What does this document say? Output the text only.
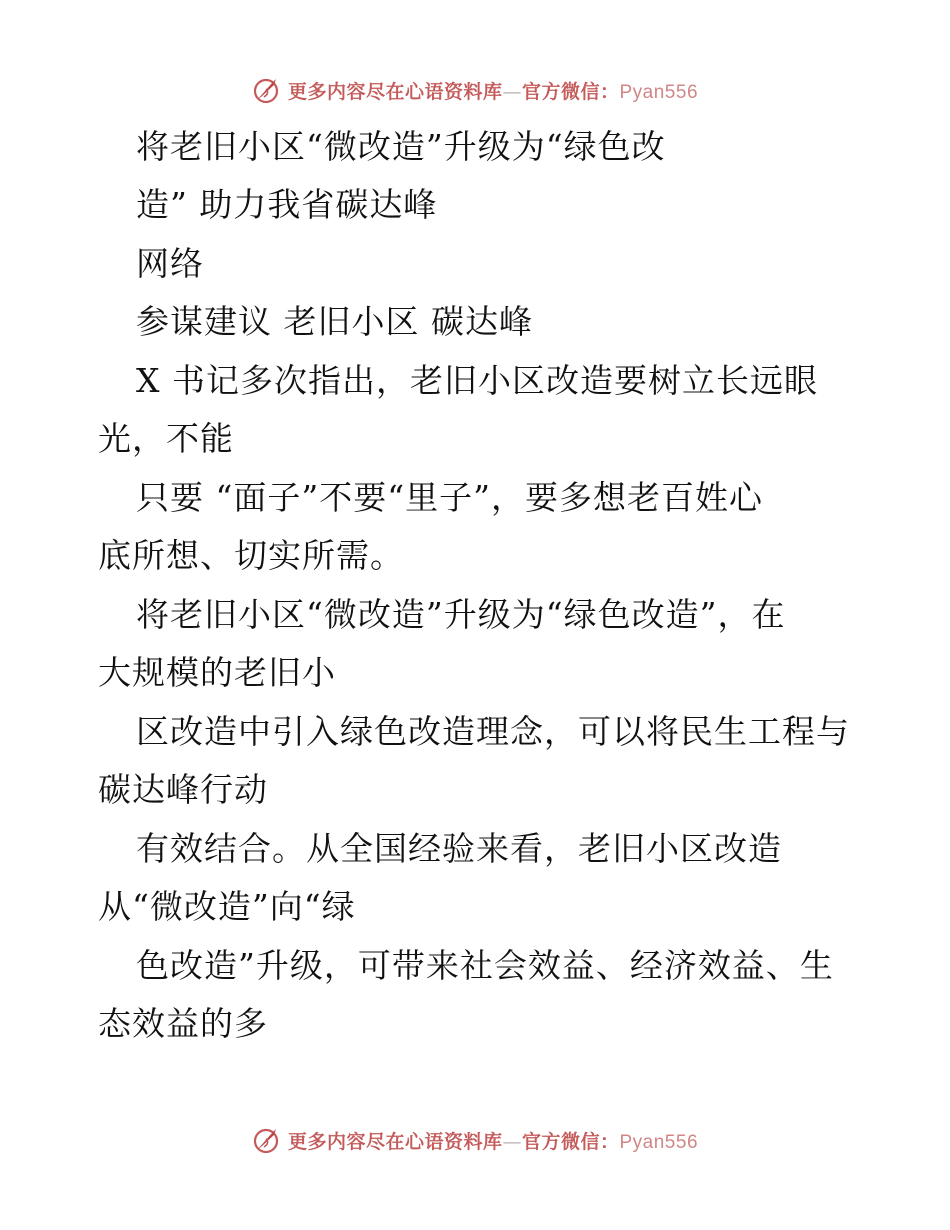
更多内容尽在心语资料库—官方微信：Pyan556
将老旧小区“微改造”升级为“绿色改
造” 助力我省碳达峰
网络
参谋建议 老旧小区 碳达峰
X 书记多次指出，老旧小区改造要树立长远眼
光，不能
只要 “面子”不要“里子”，要多想老百姓心
底所想、切实所需。
将老旧小区“微改造”升级为“绿色改造”，在
大规模的老旧小
区改造中引入绿色改造理念，可以将民生工程与
碳达峰行动
有效结合。从全国经验来看，老旧小区改造
从“微改造”向“绿
色改造”升级，可带来社会效益、经济效益、生
态效益的多
更多内容尽在心语资料库—官方微信：Pyan556
